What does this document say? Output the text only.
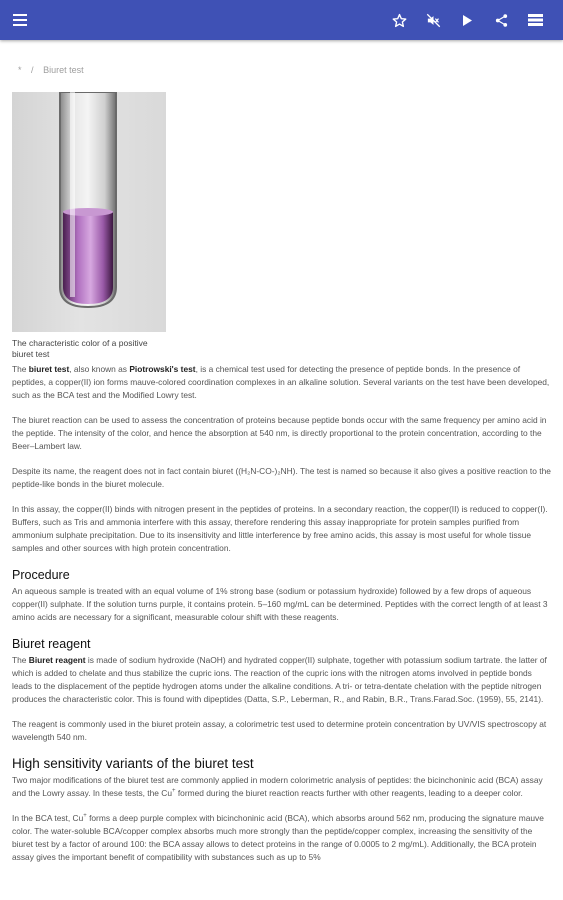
* / Biuret test
The characteristic color of a positive biuret test

The biuret test, also known as Piotrowski's test, is a chemical test used for detecting the presence of peptide bonds. In the presence of peptides, a copper(II) ion forms mauve-colored coordination complexes in an alkaline solution. Several variants on the test have been developed, such as the BCA test and the Modified Lowry test.

The biuret reaction can be used to assess the concentration of proteins because peptide bonds occur with the same frequency per amino acid in the peptide. The intensity of the color, and hence the absorption at 540 nm, is directly proportional to the protein concentration, according to the Beer–Lambert law.

Despite its name, the reagent does not in fact contain biuret ((H₂N-CO-)₂NH). The test is named so because it also gives a positive reaction to the peptide-like bonds in the biuret molecule.

In this assay, the copper(II) binds with nitrogen present in the peptides of proteins. In a secondary reaction, the copper(II) is reduced to copper(I). Buffers, such as Tris and ammonia interfere with this assay, therefore rendering this assay inappropriate for protein samples purified from ammonium sulphate precipitation. Due to its insensitivity and little interference by free amino acids, this assay is most useful for whole tissue samples and other sources with high protein concentration.

Procedure

An aqueous sample is treated with an equal volume of 1% strong base (sodium or potassium hydroxide) followed by a few drops of aqueous copper(II) sulphate. If the solution turns purple, it contains protein. 5–160 mg/mL can be determined. Peptides with the correct length of at least 3 amino acids are necessary for a significant, measurable colour shift with these reagents.

Biuret reagent

The Biuret reagent is made of sodium hydroxide (NaOH) and hydrated copper(II) sulphate, together with potassium sodium tartrate. the latter of which is added to chelate and thus stabilize the cupric ions. The reaction of the cupric ions with the nitrogen atoms involved in peptide bonds leads to the displacement of the peptide hydrogen atoms under the alkaline conditions. A tri- or tetra-dentate chelation with the peptide nitrogen produces the characteristic color. This is found with dipeptides (Datta, S.P., Leberman, R., and Rabin, B.R., Trans.Farad.Soc. (1959), 55, 2141).

The reagent is commonly used in the biuret protein assay, a colorimetric test used to determine protein concentration by UV/VIS spectroscopy at wavelength 540 nm.

High sensitivity variants of the biuret test

Two major modifications of the biuret test are commonly applied in modern colorimetric analysis of peptides: the bicinchoninic acid (BCA) assay and the Lowry assay. In these tests, the Cu+ formed during the biuret reaction reacts further with other reagents, leading to a deeper color.

In the BCA test, Cu+ forms a deep purple complex with bicinchoninic acid (BCA), which absorbs around 562 nm, producing the signature mauve color. The water-soluble BCA/copper complex absorbs much more strongly than the peptide/copper complex, increasing the sensitivity of the biuret test by a factor of around 100: the BCA assay allows to detect proteins in the range of 0.0005 to 2 mg/mL). Additionally, the BCA protein assay gives the important benefit of compatibility with substances such as up to 5%
